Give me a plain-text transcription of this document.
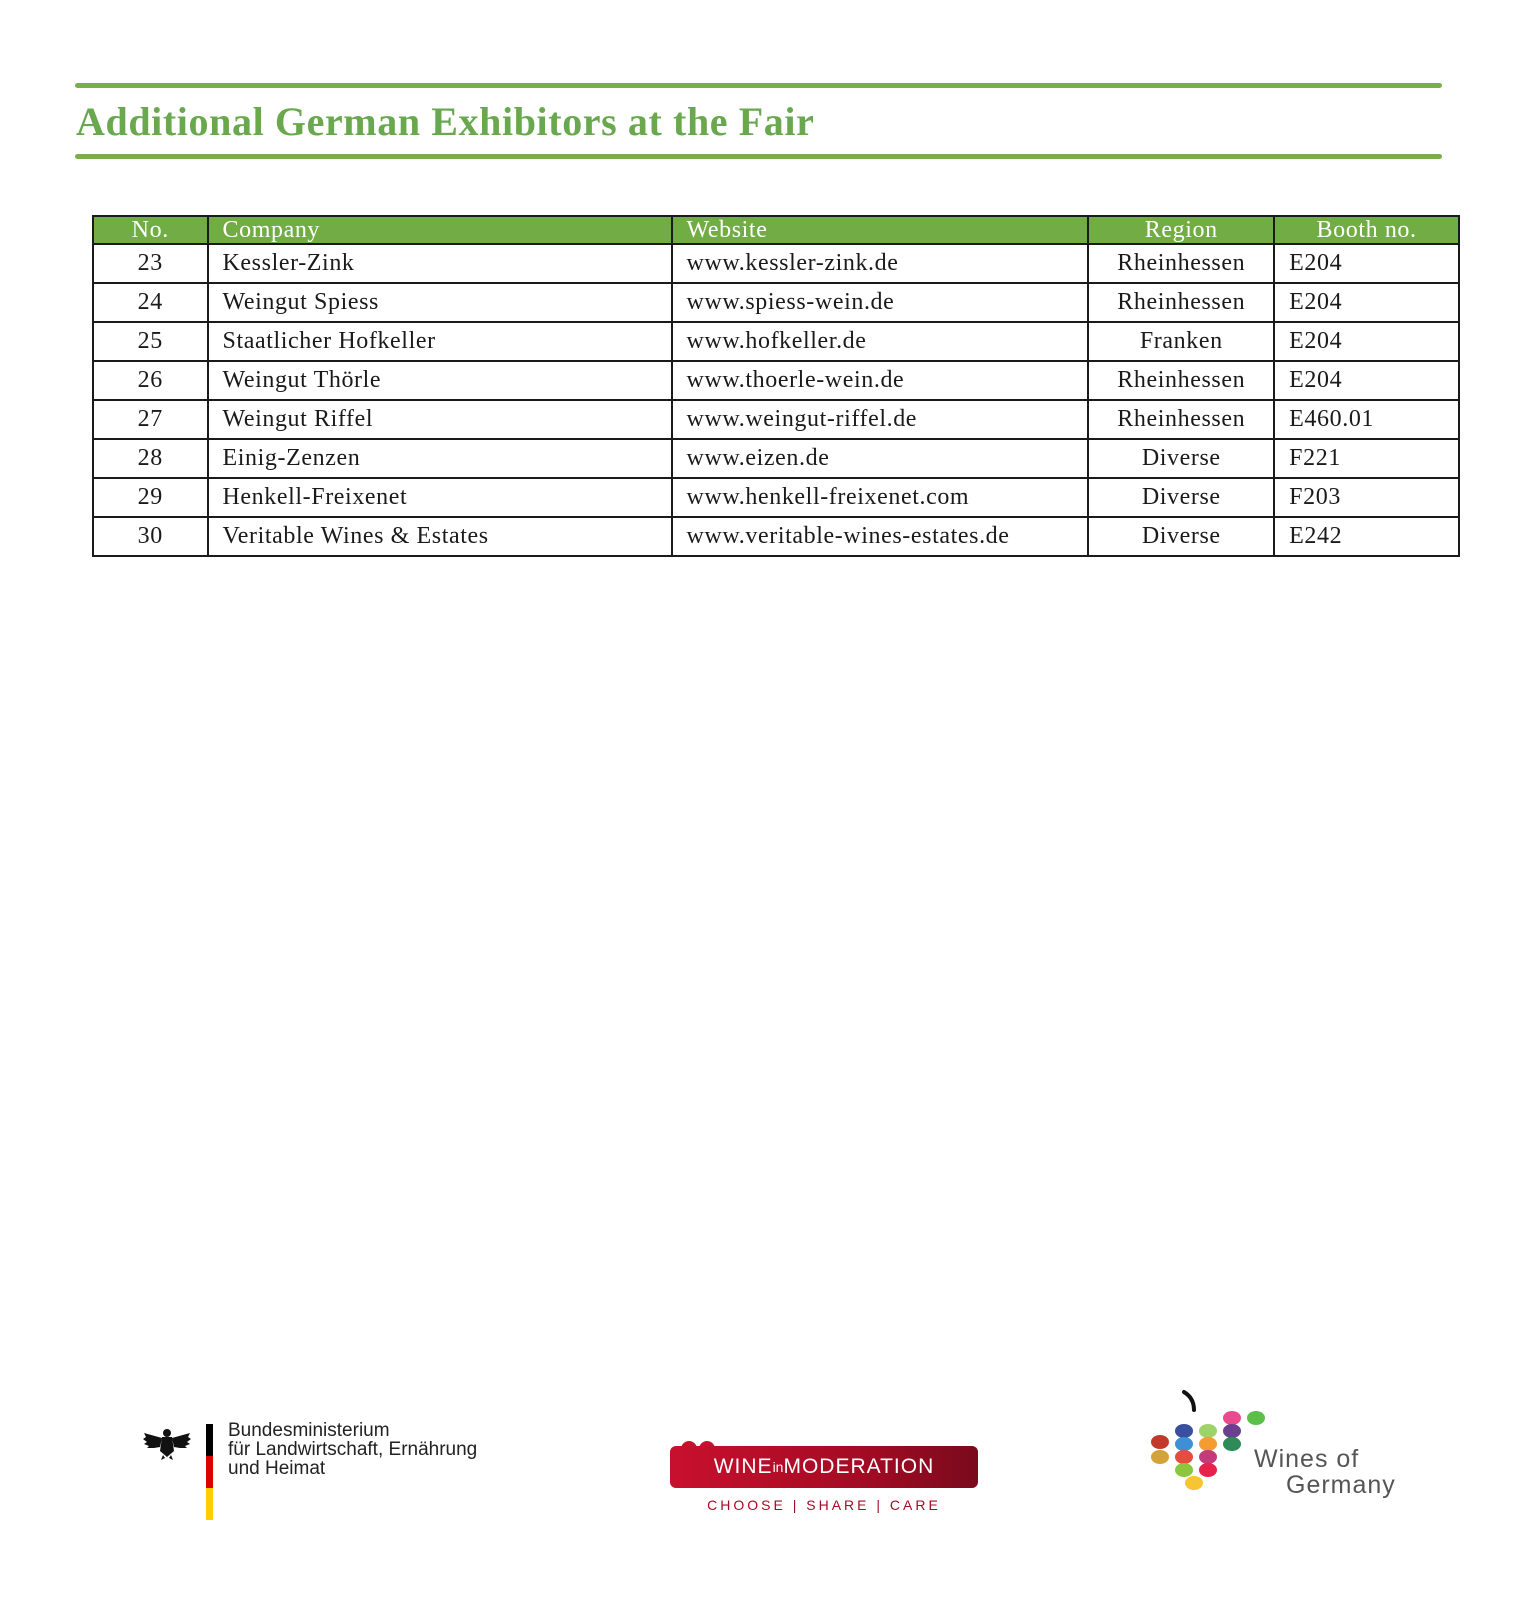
Additional German Exhibitors at the Fair
No.	Company	Website	Region	Booth no.
23	Kessler-Zink	www.kessler-zink.de	Rheinhessen	E204
24	Weingut Spiess	www.spiess-wein.de	Rheinhessen	E204
25	Staatlicher Hofkeller	www.hofkeller.de	Franken	E204
26	Weingut Thörle	www.thoerle-wein.de	Rheinhessen	E204
27	Weingut Riffel	www.weingut-riffel.de	Rheinhessen	E460.01
28	Einig-Zenzen	www.eizen.de	Diverse	F221
29	Henkell-Freixenet	www.henkell-freixenet.com	Diverse	F203
30	Veritable Wines & Estates	www.veritable-wines-estates.de	Diverse	E242
Bundesministerium
für Landwirtschaft, Ernährung
und Heimat	WINE in MODERATION
CHOOSE | SHARE | CARE
Wines of
Germany
